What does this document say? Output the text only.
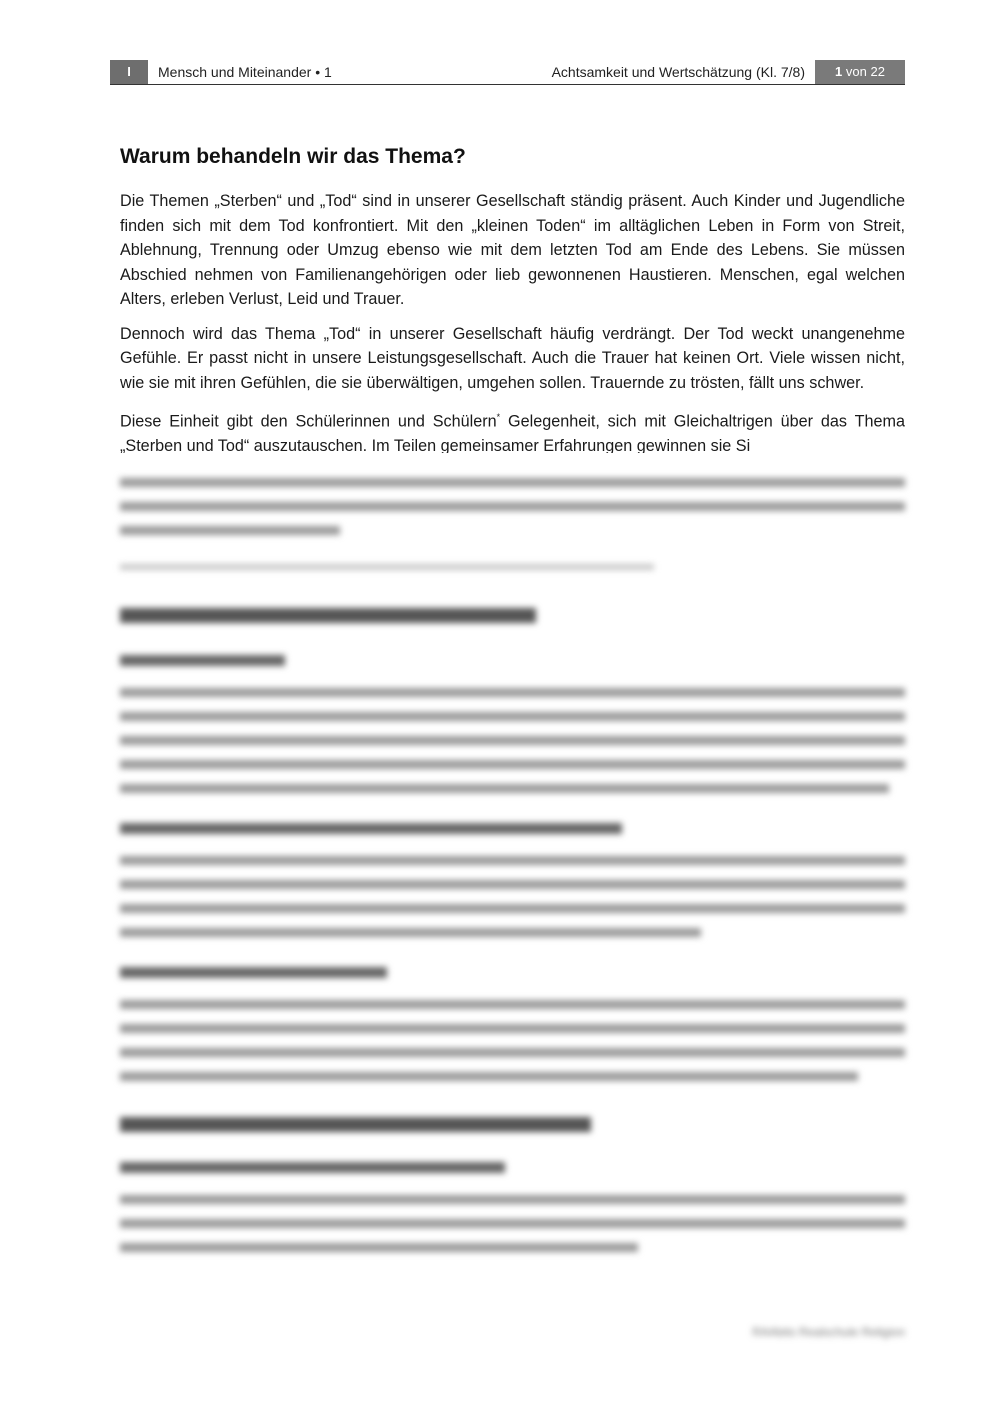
I	Mensch und Miteinander • 1	Achtsamkeit und Wertschätzung (Kl. 7/8)	1 von 22
Warum behandeln wir das Thema?

Die Themen „Sterben“ und „Tod“ sind in unserer Gesellschaft ständig präsent. Auch Kinder und Jugendliche finden sich mit dem Tod konfrontiert. Mit den „kleinen Toden“ im alltäglichen Leben in Form von Streit, Ablehnung, Trennung oder Umzug ebenso wie mit dem letzten Tod am Ende des Lebens. Sie müssen Abschied nehmen von Familienangehörigen oder lieb gewonnenen Haustieren. Menschen, egal welchen Alters, erleben Verlust, Leid und Trauer.

Dennoch wird das Thema „Tod“ in unserer Gesellschaft häufig verdrängt. Der Tod weckt unangenehme Gefühle. Er passt nicht in unsere Leistungsgesellschaft. Auch die Trauer hat keinen Ort. Viele wissen nicht, wie sie mit ihren Gefühlen, die sie überwältigen, umgehen sollen. Trauernde zu trösten, fällt uns schwer.

Diese Einheit gibt den Schülerinnen und Schülern* Gelegenheit, sich mit Gleichaltrigen über das Thema „Sterben und Tod“ auszutauschen. Im Teilen gemeinsamer Erfahrungen gewinnen sie Si

RAAbits Realschule Religion
